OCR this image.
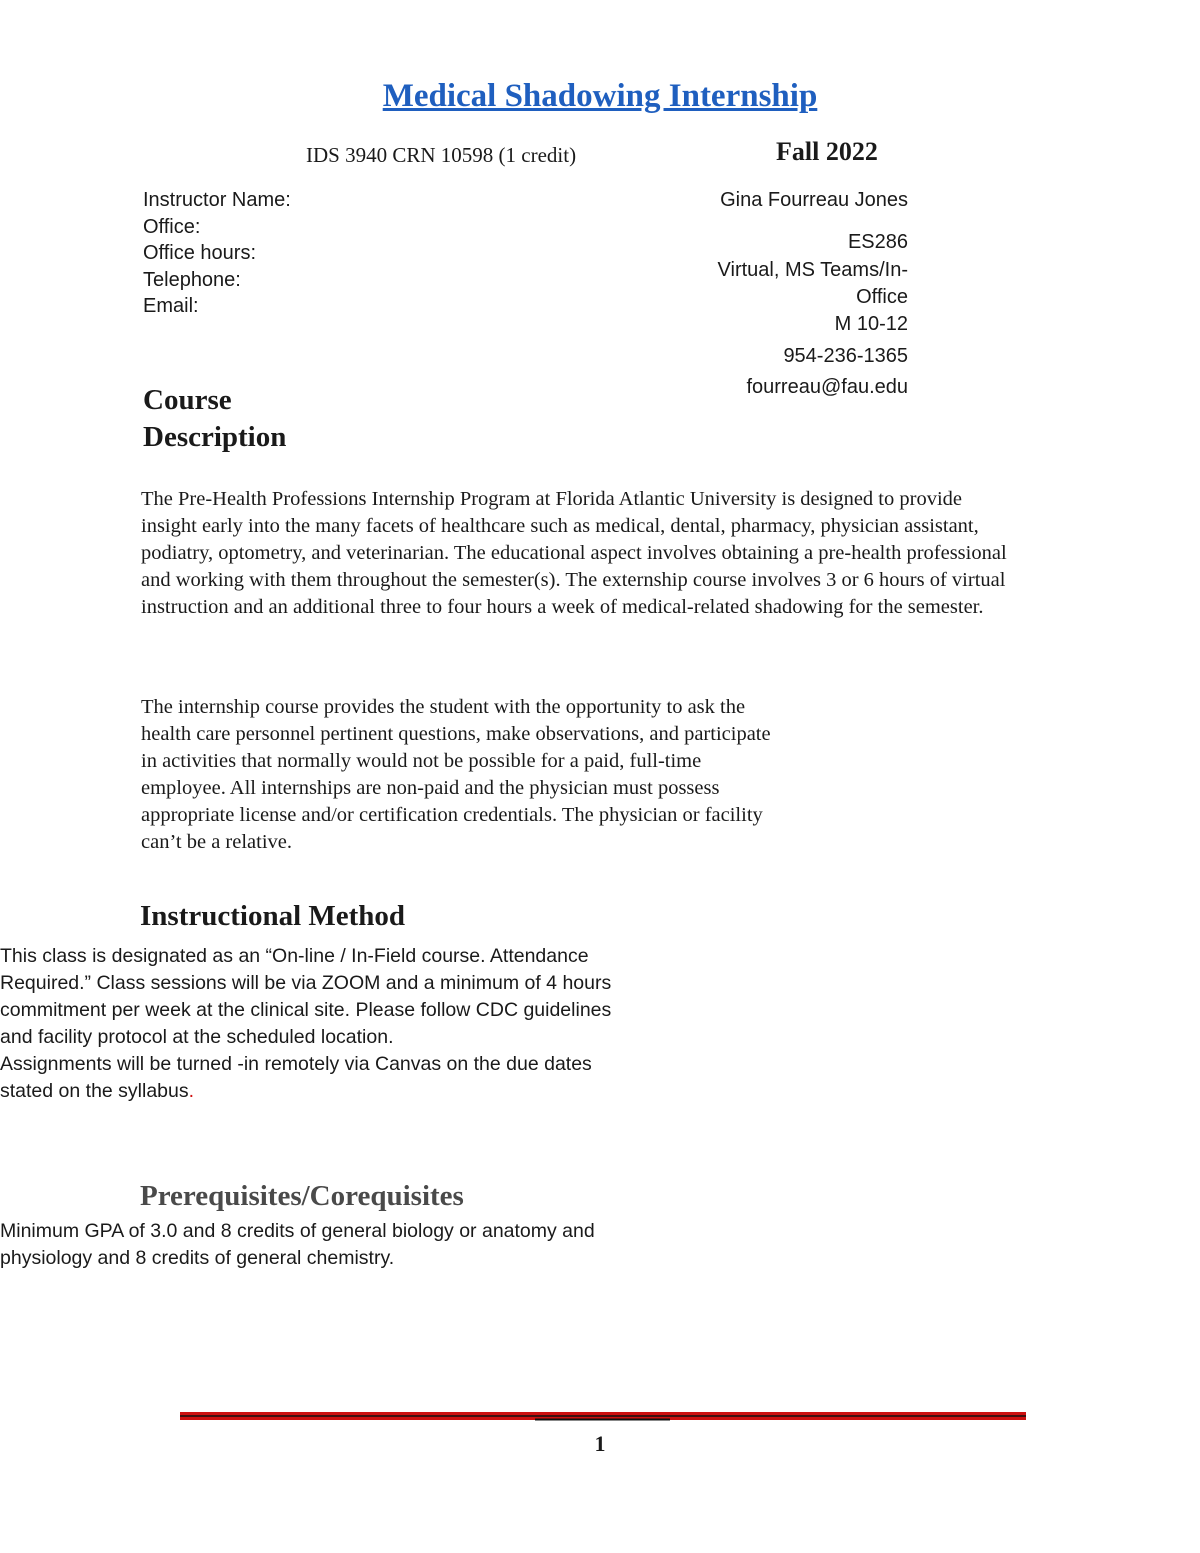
Medical Shadowing Internship
IDS 3940 CRN 10598 (1 credit)	Fall 2022
Instructor Name:
Office:
Office hours:
Telephone:
Email:
Gina Fourreau Jones
ES286
Virtual, MS Teams/In-
Office
M 10-12
954-236-1365
fourreau@fau.edu
Course
Description

The Pre-Health Professions Internship Program at Florida Atlantic University is designed to provide insight early into the many facets of healthcare such as medical, dental, pharmacy, physician assistant, podiatry, optometry, and veterinarian. The educational aspect involves obtaining a pre-health professional and working with them throughout the semester(s). The externship course involves 3 or 6 hours of virtual instruction and an additional three to four hours a week of medical-related shadowing for the semester.

The internship course provides the student with the opportunity to ask the health care personnel pertinent questions, make observations, and participate in activities that normally would not be possible for a paid, full-time employee. All internships are non-paid and the physician must possess appropriate license and/or certification credentials. The physician or facility can’t be a relative.

Instructional Method
This class is designated as an “On-line / In-Field course. Attendance Required.” Class sessions will be via ZOOM and a minimum of 4 hours commitment per week at the clinical site. Please follow CDC guidelines and facility protocol at the scheduled location.
Assignments will be turned -in remotely via Canvas on the due dates stated on the syllabus.
Prerequisites/Corequisites
Minimum GPA of 3.0 and 8 credits of general biology or anatomy and physiology and 8 credits of general chemistry.
1
